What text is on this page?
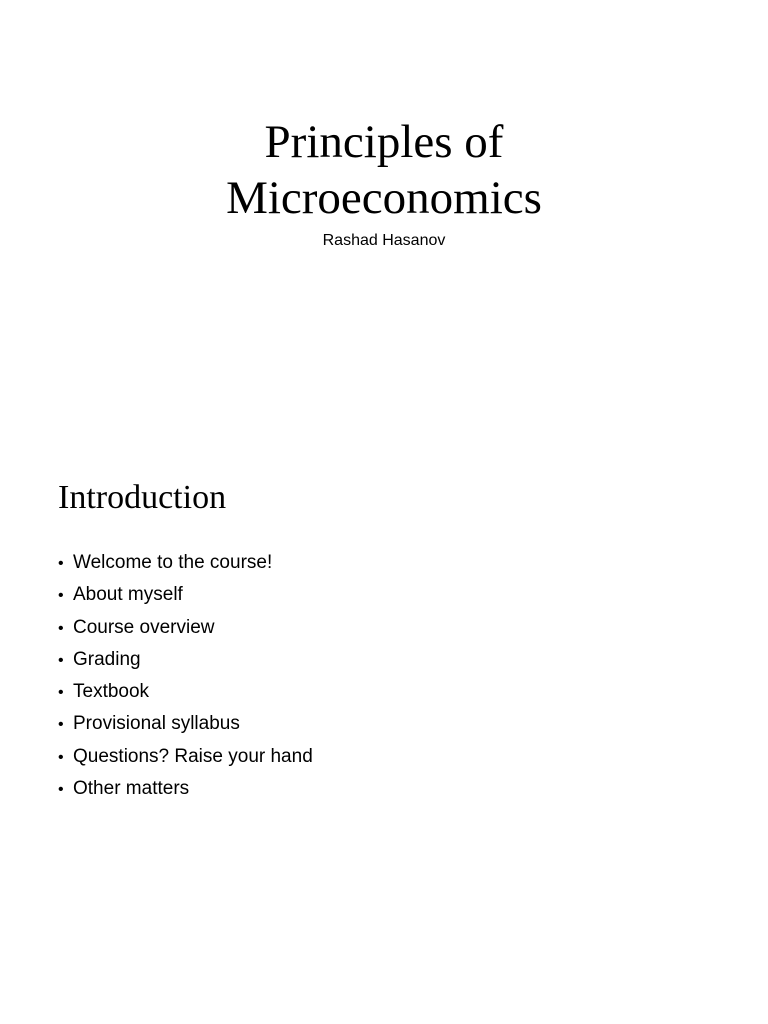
Principles of
Microeconomics

Rashad Hasanov

Introduction
• Welcome to the course!
• About myself
• Course overview
• Grading
• Textbook
• Provisional syllabus
• Questions? Raise your hand
• Other matters
